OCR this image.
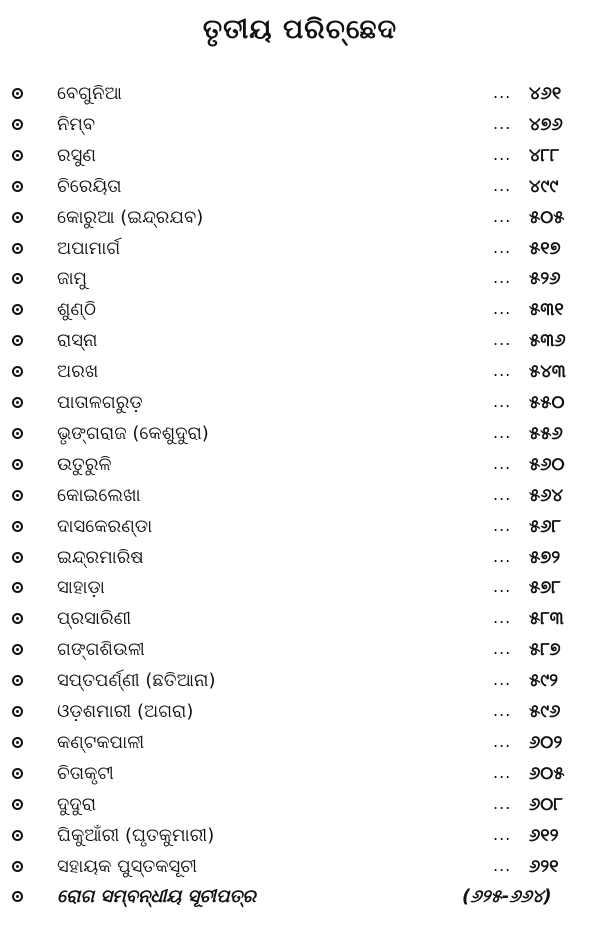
ତୃତୀୟ ପରିଚ୍ଛେଦ
ବେଗୁନିଆ	... ୪୬୧
ନିମ୍ବ	... ୪୭୬
ରସୁଣ	... ୪୮୮
ଚିରେୟିତା	... ୪୯୯
କୋରୁଆ (ଇନ୍ଦ୍ରଯବ)	... ୫୦୫
ଅପାମାର୍ଗ	... ୫୧୭
ଜାମୁ	... ୫୨୬
ଶୁଣ୍ଠି	... ୫୩୧
ରାସ୍ନା	... ୫୩୬
ଅରଖ	... ୫୪୩
ପାତାଳଗରୁଡ଼	... ୫୫୦
ଭୃଙ୍ଗରାଜ (କେଶୁଦୁରା)	... ୫୫୬
ଉତୁରୁଳି	... ୫୬୦
କୋଇଲେଖା	... ୫୬୪
ଦାସକେରଣ୍ଡା	... ୫୬୮
ଇନ୍ଦ୍ରମାରିଷ	... ୫୭୨
ସାହାଡ଼ା	... ୫୭୮
ପ୍ରସାରିଣୀ	... ୫୮୩
ଗଙ୍ଗଶିଉଳୀ	... ୫୮୭
ସପ୍ତପର୍ଣ୍ଣୀ (ଛତିଆନା)	... ୫୯୨
ଓଡ଼ଶମାରୀ (ଅଗରା)	... ୫୯୬
କଣ୍ଟକପାଳୀ	... ୬୦୨
ଚିତାକୃଟୀ	... ୬୦୫
ଦୁଦୁରା	... ୬୦୮
ଘିକୁଆଁରୀ (ଘୃତକୁମାରୀ)	... ୬୧୨
ସହାୟକ ପୁସ୍ତକସୂଚୀ	... ୬୨୧
ରୋଗ ସମ୍ବନ୍ଧୀୟ ସୂଚୀପତ୍ର	(୬୨୫-୬୬୪)
